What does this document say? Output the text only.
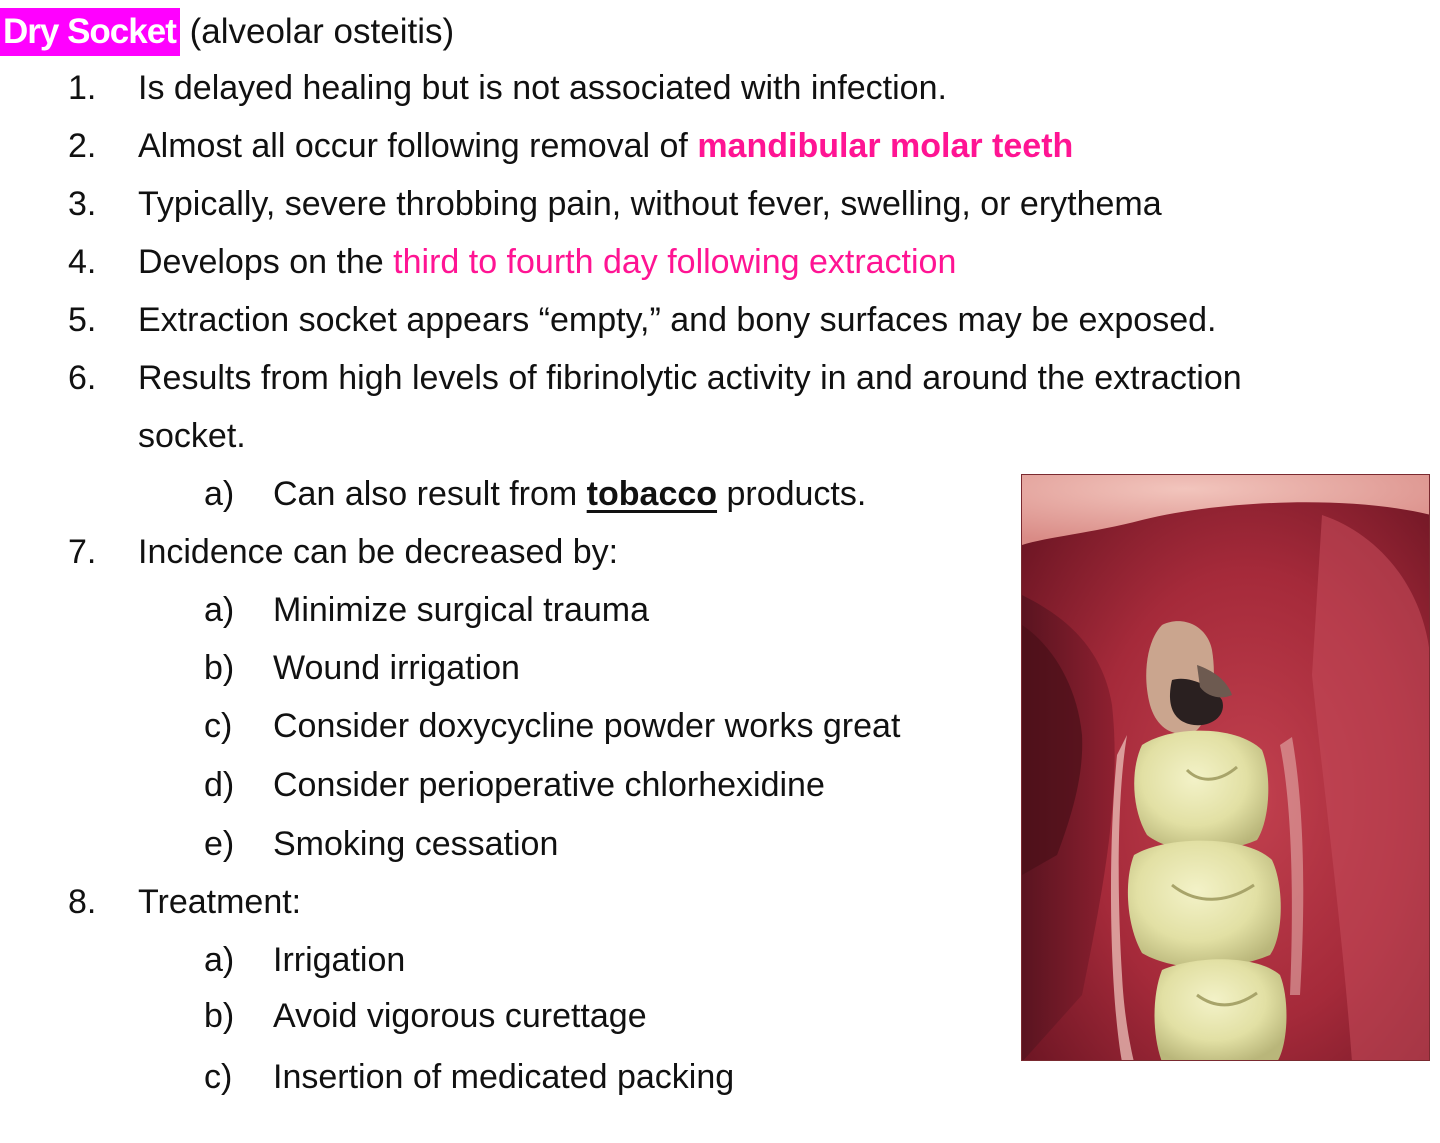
Dry Socket (alveolar osteitis)
1.	Is delayed healing but is not associated with infection.
2.	Almost all occur following removal of mandibular molar teeth
3.	Typically, severe throbbing pain, without fever, swelling, or erythema
4.	Develops on the third to fourth day following extraction
5.	Extraction socket appears “empty,” and bony surfaces may be exposed.
6.	Results from high levels of fibrinolytic activity in and around the extraction
socket.
a)	Can also result from tobacco products.
7.	Incidence can be decreased by:
a)	Minimize surgical trauma
b)	Wound irrigation
c)	Consider doxycycline powder works great
d)	Consider perioperative chlorhexidine
e)	Smoking cessation
8.	Treatment:
a)	Irrigation
b)	Avoid vigorous curettage
c)	Insertion of medicated packing
